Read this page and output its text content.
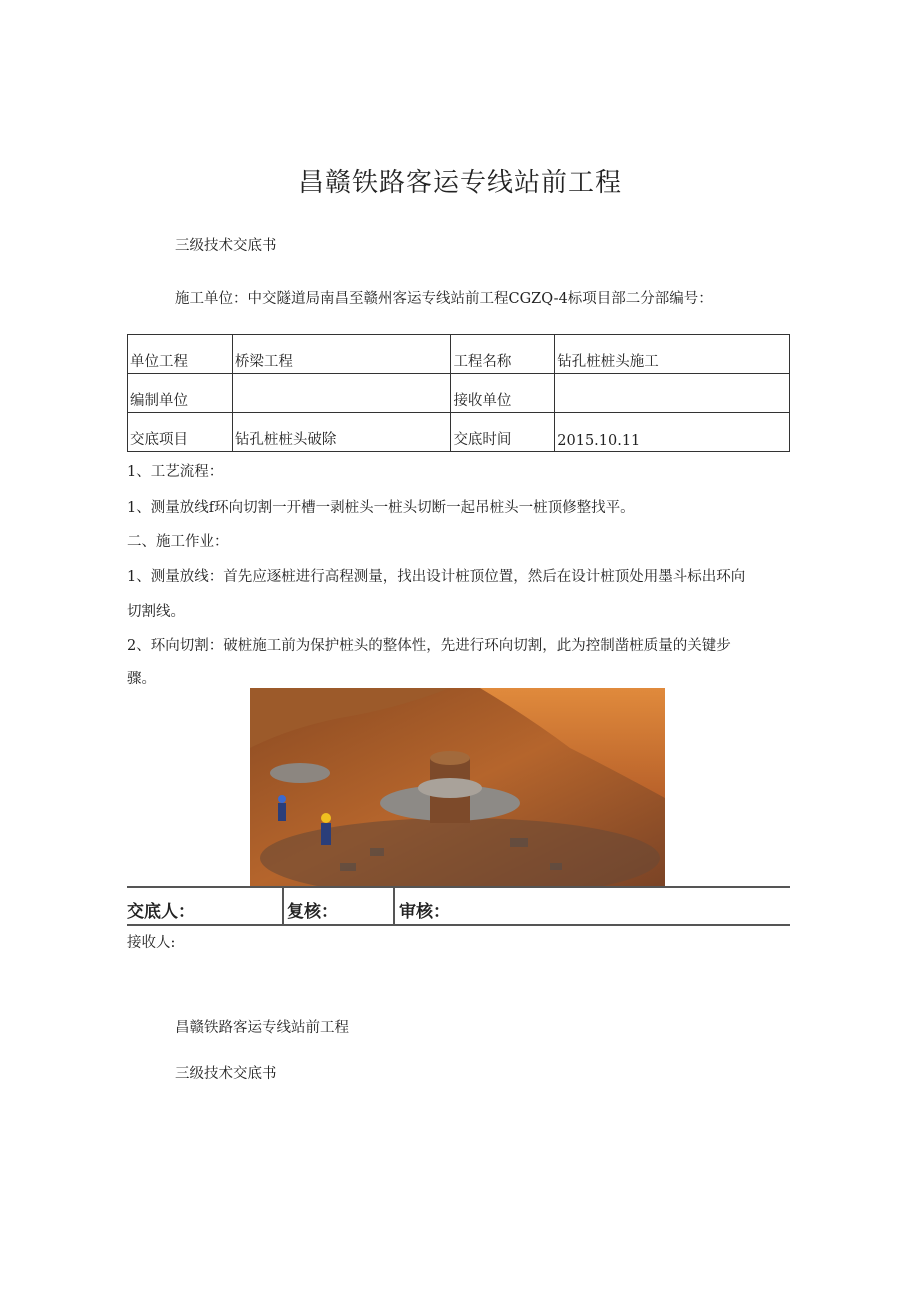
昌赣铁路客运专线站前工程
三级技术交底书
施工单位：中交隧道局南昌至赣州客运专线站前工程CGZQ-4标项目部二分部编号：
单位工程	桥梁工程	工程名称	钻孔桩桩头施工
编制单位		接收单位	
交底项目	钻孔桩桩头破除	交底时间	2015.10.11
1、工艺流程：
1、测量放线f环向切割一开槽一剥桩头一桩头切断一起吊桩头一桩顶修整找平。
二、施工作业：
1、测量放线：首先应逐桩进行高程测量，找出设计桩顶位置，然后在设计桩顶处用墨斗标出环向
切割线。
2、环向切割：破桩施工前为保护桩头的整体性，先进行环向切割，此为控制凿桩质量的关键步
骤。
交底人：	复核：	审核：
接收人:
昌赣铁路客运专线站前工程
三级技术交底书
